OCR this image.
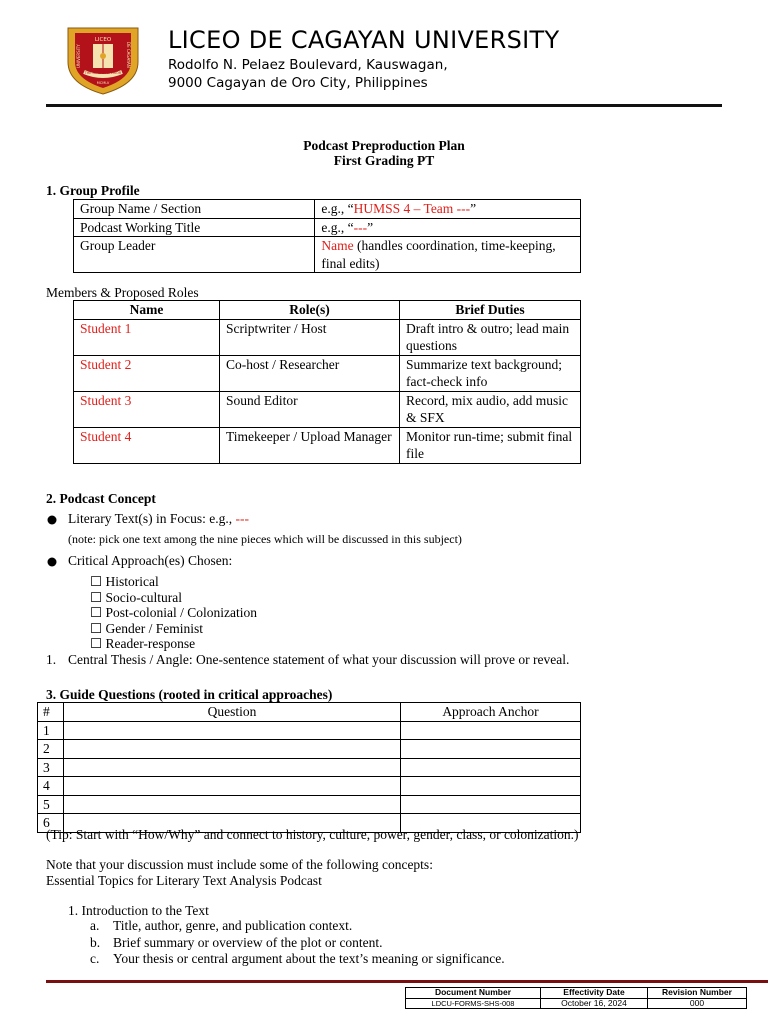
LICEO
UNIVERSITY	DE CAGAYAN
THE MIND SUSPERIOR
MCMLV
LICEO DE CAGAYAN UNIVERSITY
Rodolfo N. Pelaez Boulevard, Kauswagan,
9000 Cagayan de Oro City, Philippines
Podcast Preproduction Plan
First Grading PT
1. Group Profile
Group Name / Section	e.g., “HUMSS 4 – Team ---”
Podcast Working Title	e.g., “---”
Group Leader	Name (handles coordination, time-keeping, final edits)
Members & Proposed Roles
Name	Role(s)	Brief Duties
Student 1	Scriptwriter / Host	Draft intro & outro; lead main questions
Student 2	Co-host / Researcher	Summarize text background; fact-check info
Student 3	Sound Editor	Record, mix audio, add music & SFX
Student 4	Timekeeper / Upload Manager	Monitor run-time; submit final file
2. Podcast Concept
Literary Text(s) in Focus: e.g., ---
(note: pick one text among the nine pieces which will be discussed in this subject)
Critical Approach(es) Chosen:
☐ Historical
☐ Socio-cultural
☐ Post-colonial / Colonization
☐ Gender / Feminist
☐ Reader-response
1. Central Thesis / Angle: One-sentence statement of what your discussion will prove or reveal.
3. Guide Questions (rooted in critical approaches)
#	Question	Approach Anchor
1		
2		
3		
4		
5		
6		
(Tip: Start with “How/Why” and connect to history, culture, power, gender, class, or colonization.)
Note that your discussion must include some of the following concepts:
Essential Topics for Literary Text Analysis Podcast
1. Introduction to the Text
a. Title, author, genre, and publication context.
b. Brief summary or overview of the plot or content.
c. Your thesis or central argument about the text’s meaning or significance.
Document Number	Effectivity Date	Revision Number
LDCU-FORMS-SHS-008	October 16, 2024	000
